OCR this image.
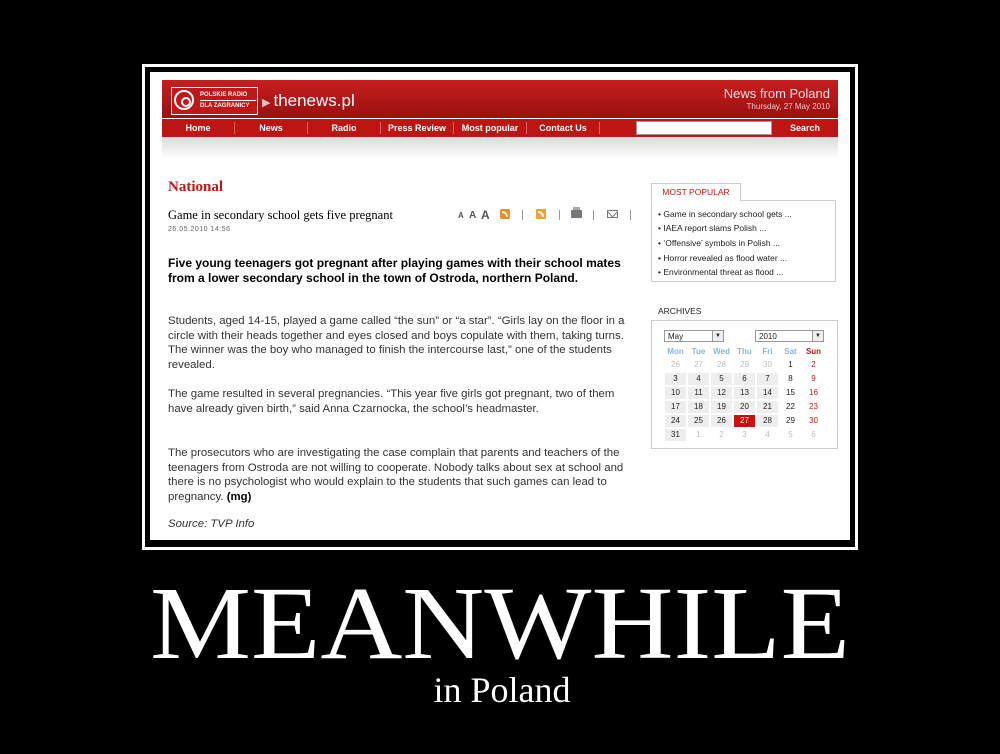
POLSKIE RADIO
DLA ZAGRANICY	▶ thenews.pl	News from Poland
Thursday, 27 May 2010
Home	News	Radio	Press Review	Most popular	Contact Us	Search
National
Game in secondary school gets five pregnant
26.05.2010 14:56
A A A
Five young teenagers got pregnant after playing games with their school mates from a lower secondary school in the town of Ostroda, northern Poland.
Students, aged 14-15, played a game called “the sun” or “a star”. “Girls lay on the floor in a circle with their heads together and eyes closed and boys copulate with them, taking turns. The winner was the boy who managed to finish the intercourse last,” one of the students revealed.
The game resulted in several pregnancies. “This year five girls got pregnant, two of them have already given birth,” said Anna Czarnocka, the school’s headmaster.
The prosecutors who are investigating the case complain that parents and teachers of the teenagers from Ostroda are not willing to cooperate. Nobody talks about sex at school and there is no psychologist who would explain to the students that such games can lead to pregnancy. (mg)
Source: TVP Info
MOST POPULAR
• Game in secondary school gets ...
• IAEA report slams Polish ...
• ‘Offensive’ symbols in Polish ...
• Horror revealed as flood water ...
• Environmental threat as flood ...
ARCHIVES
May	▼	2010	▼
Mon Tue Wed Thu	Fri	Sat	Sun
26	27	28	29	30	1	2
3	4	5	6	7	8	9
10	11	12	13	14	15	16
17	18	19	20	21	22	23
24	25	26	27	28	29	30
31	1	2	3	4	5	6
MEANWHILE
in Poland
